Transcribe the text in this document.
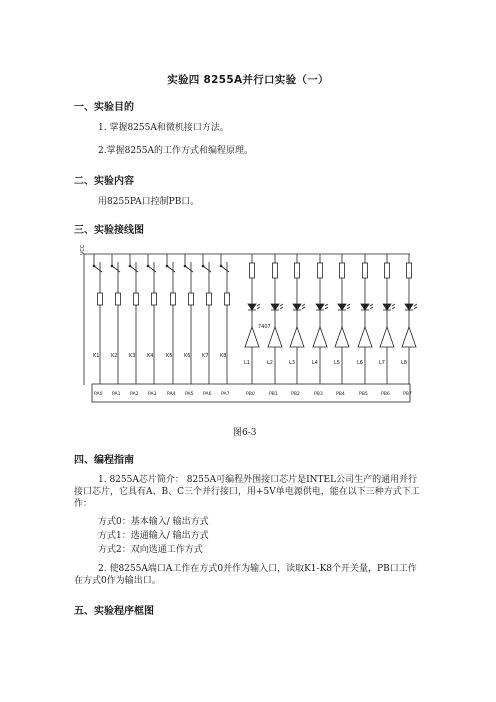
实验四 8255A并行口实验（一）
一、实验目的
1. 掌握8255A和微机接口方法。
2.掌握8255A的工作方式和编程原理。
二、实验内容
用8255PA口控制PB口。
三、实验接线图
VCC
K1
PA0
K2
PA1
K3
PA2
K4
PA3
K5
PA4
K6
PA5
K7
PA6
K8
PA7
L1
PB0
L2
PB1
L3
PB2
L4
PB3
L5
PB4
L6
PB5
L7
PB6
L8
PB7
7407
图6-3
四、编程指南
1. 8255A芯片简介： 8255A可编程外围接口芯片是INTEL公司生产的通用并行接口芯片，它具有A、B、C三个并行接口，用+5V单电源供电，能在以下三种方式下工作：
方式0：基本输入/ 输出方式
方式1：选通输入/ 输出方式
方式2：双向选通工作方式
2. 使8255A端口A工作在方式0并作为输入口，读取K1-K8个开关量，PB口工作在方式0作为输出口。
五、实验程序框图
